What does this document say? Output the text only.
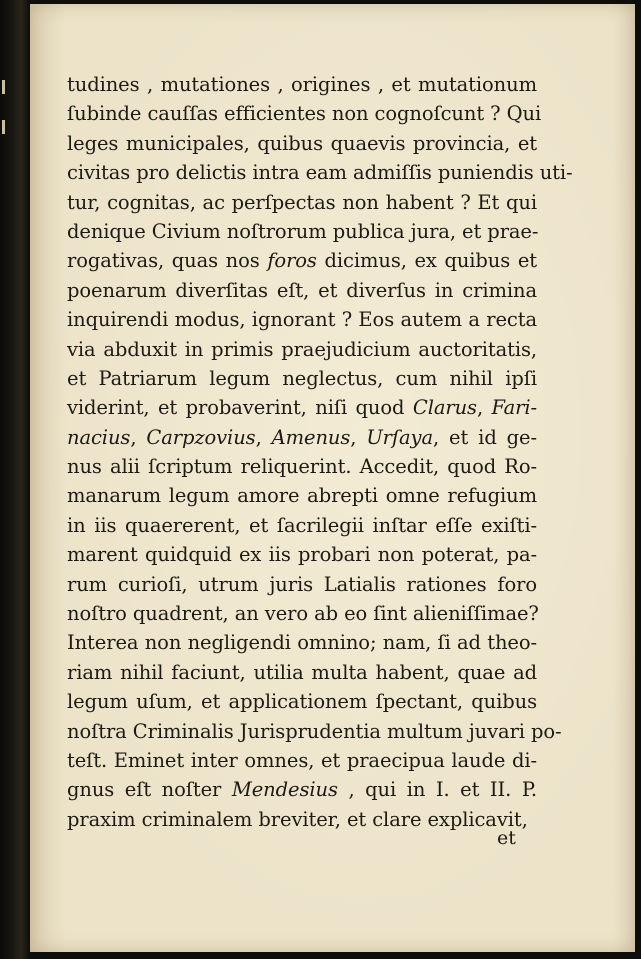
tudines , mutationes , origines , et mutationum
ſubinde cauſſas efficientes non cognoſcunt ? Qui
leges municipales, quibus quaevis provincia, et
civitas pro delictis intra eam admiſſis puniendis uti-
tur, cognitas, ac perſpectas non habent ? Et qui
denique Civium noſtrorum publica jura, et prae-
rogativas, quas nos foros dicimus, ex quibus et
poenarum diverſitas eſt, et diverſus in crimina
inquirendi modus, ignorant ? Eos autem a recta
via abduxit in primis praejudicium auctoritatis,
et Patriarum legum neglectus, cum nihil ipſi
viderint, et probaverint, niſi quod Clarus, Fari-
nacius, Carpzovius, Amenus, Urſaya, et id ge-
nus alii ſcriptum reliquerint. Accedit, quod Ro-
manarum legum amore abrepti omne refugium
in iis quaererent, et ſacrilegii inſtar eſſe exiſti-
marent quidquid ex iis probari non poterat, pa-
rum curioſi, utrum juris Latialis rationes foro
noſtro quadrent, an vero ab eo ſint alieniſſimae?
Interea non negligendi omnino; nam, ſi ad theo-
riam nihil faciunt, utilia multa habent, quae ad
legum uſum, et applicationem ſpectant, quibus
noſtra Criminalis Jurisprudentia multum juvari po-
teſt. Eminet inter omnes, et praecipua laude di-
gnus eſt noſter Mendesius , qui in I. et II. P.
praxim criminalem breviter, et clare explicavit,
et
